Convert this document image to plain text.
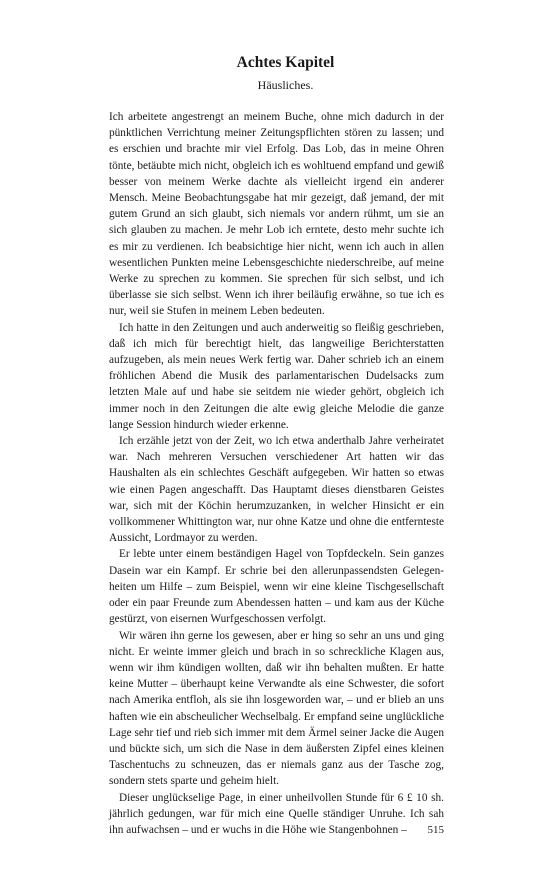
Achtes Kapitel
Häusliches.

Ich arbeitete angestrengt an meinem Buche, ohne mich dadurch in der pünktlichen Verrichtung meiner Zeitungspflichten stören zu lassen; und es erschien und brachte mir viel Erfolg. Das Lob, das in meine Ohren tönte, betäubte mich nicht, obgleich ich es wohltuend empfand und gewiß besser von meinem Werke dachte als vielleicht irgend ein anderer Mensch. Meine Beobachtungsgabe hat mir gezeigt, daß jemand, der mit gutem Grund an sich glaubt, sich niemals vor andern rühmt, um sie an sich glauben zu machen. Je mehr Lob ich erntete, desto mehr suchte ich es mir zu verdienen. Ich beabsichtige hier nicht, wenn ich auch in allen wesentlichen Punkten meine Lebensgeschichte niederschreibe, auf meine Werke zu sprechen zu kommen. Sie sprechen für sich selbst, und ich überlasse sie sich selbst. Wenn ich ihrer beiläufig erwähne, so tue ich es nur, weil sie Stufen in meinem Leben bedeuten.

Ich hatte in den Zeitungen und auch anderweitig so fleißig geschrieben, daß ich mich für berechtigt hielt, das langweilige Berichterstatten aufzugeben, als mein neues Werk fertig war. Daher schrieb ich an einem fröhlichen Abend die Musik des parlamentarischen Dudelsacks zum letzten Male auf und habe sie seitdem nie wieder gehört, obgleich ich immer noch in den Zeitungen die alte ewig gleiche Melodie die ganze lange Session hindurch wieder erkenne.

Ich erzähle jetzt von der Zeit, wo ich etwa anderthalb Jahre verheiratet war. Nach mehreren Versuchen verschiedener Art hatten wir das Haushalten als ein schlechtes Geschäft aufgegeben. Wir hatten so etwas wie einen Pagen angeschafft. Das Hauptamt dieses dienstbaren Geistes war, sich mit der Köchin herumzuzanken, in welcher Hinsicht er ein vollkommener Whittington war, nur ohne Katze und ohne die entfernteste Aussicht, Lordmayor zu werden.

Er lebte unter einem beständigen Hagel von Topfdeckeln. Sein ganzes Dasein war ein Kampf. Er schrie bei den allerunpassendsten Gelegenheiten um Hilfe – zum Beispiel, wenn wir eine kleine Tischgesellschaft oder ein paar Freunde zum Abendessen hatten – und kam aus der Küche gestürzt, von eisernen Wurfgeschossen verfolgt.

Wir wären ihn gerne los gewesen, aber er hing so sehr an uns und ging nicht. Er weinte immer gleich und brach in so schreckliche Klagen aus, wenn wir ihm kündigen wollten, daß wir ihn behalten mußten. Er hatte keine Mutter – überhaupt keine Verwandte als eine Schwester, die sofort nach Amerika entfloh, als sie ihn losgeworden war, – und er blieb an uns haften wie ein abscheulicher Wechselbalg. Er empfand seine unglückliche Lage sehr tief und rieb sich immer mit dem Ärmel seiner Jacke die Augen und bückte sich, um sich die Nase in dem äußersten Zipfel eines kleinen Taschentuchs zu schneuzen, das er niemals ganz aus der Tasche zog, sondern stets sparte und geheim hielt.

Dieser unglückselige Page, in einer unheilvollen Stunde für 6 £ 10 sh. jährlich gedungen, war für mich eine Quelle ständiger Unruhe. Ich sah ihn aufwachsen – und er wuchs in die Höhe wie Stangenbohnen –	515
